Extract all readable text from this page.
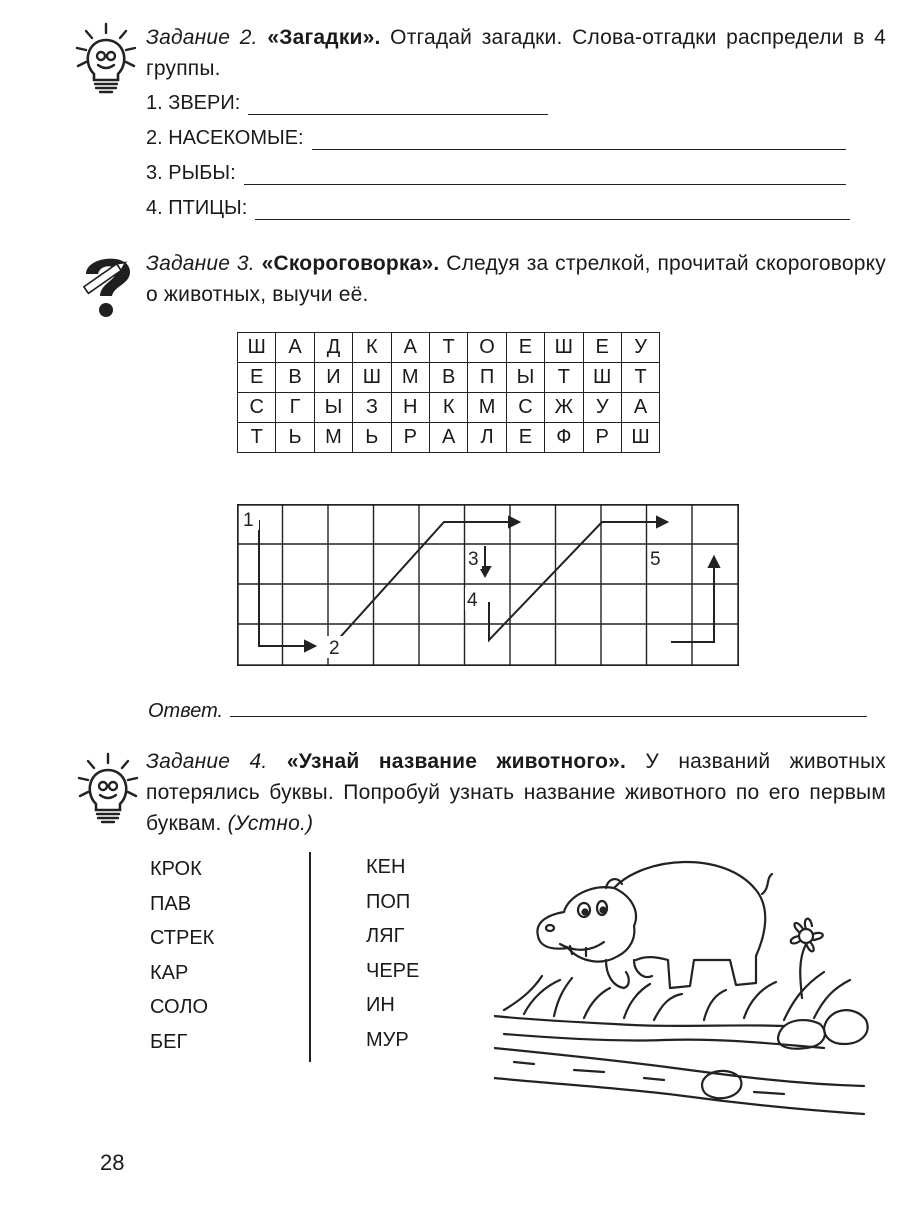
Задание 2. «Загадки». Отгадай загадки. Слова-отгадки распредели в 4 группы.
1. ЗВЕРИ:
2. НАСЕКОМЫЕ:
3. РЫБЫ:
4. ПТИЦЫ:
Задание 3. «Скороговорка». Следуя за стрелкой, прочитай скороговорку о животных, выучи её.
Ш	А	Д	К	А	Т	О	Е	Ш	Е	У
Е	В	И	Ш	М	В	П	Ы	Т	Ш	Т
С	Г	Ы	З	Н	К	М	С	Ж	У	А
Т	Ь	М	Ь	Р	А	Л	Е	Ф	Р	Ш
1
2
3
4
5
Ответ.
Задание 4. «Узнай название животного». У названий животных потерялись буквы. Попробуй узнать название животного по его первым буквам. (Устно.)
КРОК
ПАВ
СТРЕК
КАР
СОЛО
БЕГ
КЕН
ПОП
ЛЯГ
ЧЕРЕ
ИН
МУР
28
